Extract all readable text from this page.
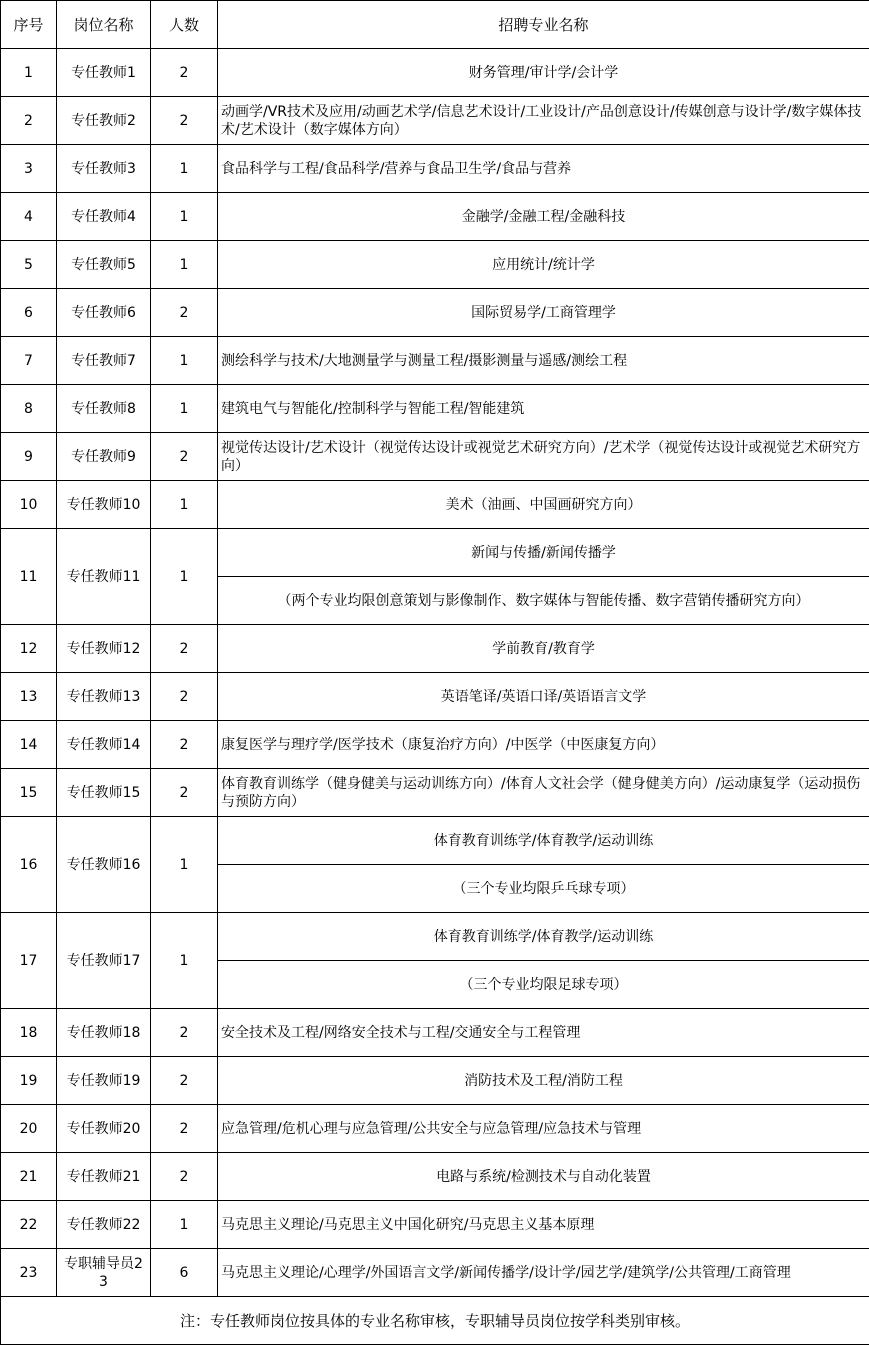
序号	岗位名称	人数	招聘专业名称
1	专任教师1	2	财务管理/审计学/会计学
2	专任教师2	2	动画学/VR技术及应用/动画艺术学/信息艺术设计/工业设计/产品创意设计/传媒创意与设计学/数字媒体技术/艺术设计（数字媒体方向）
3	专任教师3	1	食品科学与工程/食品科学/营养与食品卫生学/食品与营养
4	专任教师4	1	金融学/金融工程/金融科技
5	专任教师5	1	应用统计/统计学
6	专任教师6	2	国际贸易学/工商管理学
7	专任教师7	1	测绘科学与技术/大地测量学与测量工程/摄影测量与遥感/测绘工程
8	专任教师8	1	建筑电气与智能化/控制科学与智能工程/智能建筑
9	专任教师9	2	视觉传达设计/艺术设计（视觉传达设计或视觉艺术研究方向）/艺术学（视觉传达设计或视觉艺术研究方向）
10	专任教师10	1	美术（油画、中国画研究方向）
11	专任教师11	1	新闻与传播/新闻传播学
			（两个专业均限创意策划与影像制作、数字媒体与智能传播、数字营销传播研究方向）
12	专任教师12	2	学前教育/教育学
13	专任教师13	2	英语笔译/英语口译/英语语言文学
14	专任教师14	2	康复医学与理疗学/医学技术（康复治疗方向）/中医学（中医康复方向）
15	专任教师15	2	体育教育训练学（健身健美与运动训练方向）/体育人文社会学（健身健美方向）/运动康复学（运动损伤与预防方向）
16	专任教师16	1	体育教育训练学/体育教学/运动训练
			（三个专业均限乒乓球专项）
17	专任教师17	1	体育教育训练学/体育教学/运动训练
			（三个专业均限足球专项）
18	专任教师18	2	安全技术及工程/网络安全技术与工程/交通安全与工程管理
19	专任教师19	2	消防技术及工程/消防工程
20	专任教师20	2	应急管理/危机心理与应急管理/公共安全与应急管理/应急技术与管理
21	专任教师21	2	电路与系统/检测技术与自动化装置
22	专任教师22	1	马克思主义理论/马克思主义中国化研究/马克思主义基本原理
23	专职辅导员23	6	马克思主义理论/心理学/外国语言文学/新闻传播学/设计学/园艺学/建筑学/公共管理/工商管理
注：专任教师岗位按具体的专业名称审核，专职辅导员岗位按学科类别审核。			
